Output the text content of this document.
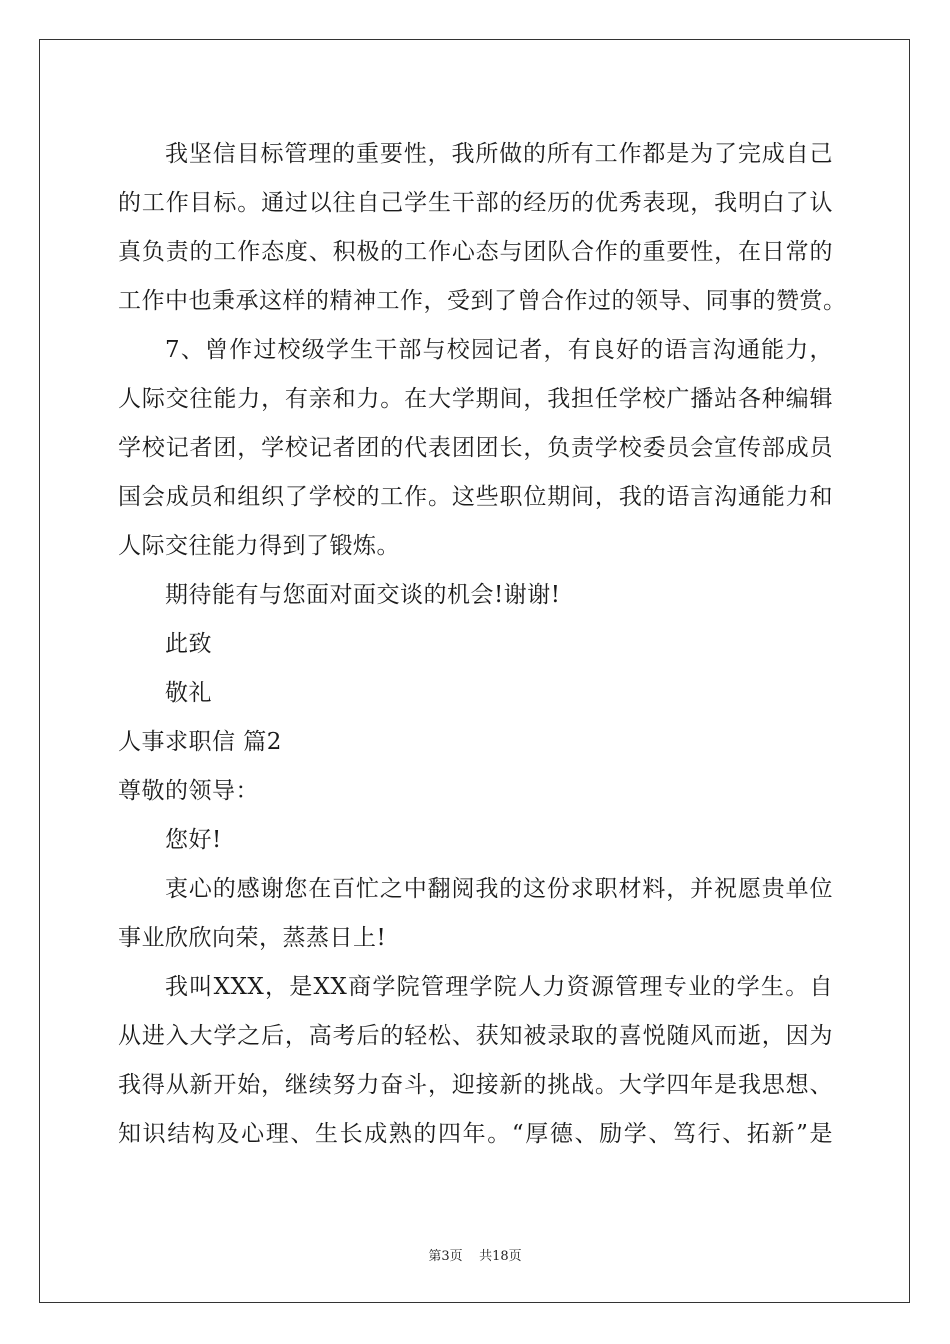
我坚信目标管理的重要性，我所做的所有工作都是为了完成自己
的工作目标。通过以往自己学生干部的经历的优秀表现，我明白了认
真负责的工作态度、积极的工作心态与团队合作的重要性，在日常的
工作中也秉承这样的精神工作，受到了曾合作过的领导、同事的赞赏。
7、曾作过校级学生干部与校园记者，有良好的语言沟通能力，
人际交往能力，有亲和力。在大学期间，我担任学校广播站各种编辑
学校记者团，学校记者团的代表团团长，负责学校委员会宣传部成员
国会成员和组织了学校的工作。这些职位期间，我的语言沟通能力和
人际交往能力得到了锻炼。
期待能有与您面对面交谈的机会!谢谢!
此致
敬礼
人事求职信 篇2
尊敬的领导：
您好!
衷心的感谢您在百忙之中翻阅我的这份求职材料，并祝愿贵单位
事业欣欣向荣，蒸蒸日上!
我叫XXX，是XX商学院管理学院人力资源管理专业的学生。自
从进入大学之后，高考后的轻松、获知被录取的喜悦随风而逝，因为
我得从新开始，继续努力奋斗，迎接新的挑战。大学四年是我思想、
知识结构及心理、生长成熟的四年。“厚德、励学、笃行、拓新”是
第3页 共18页
